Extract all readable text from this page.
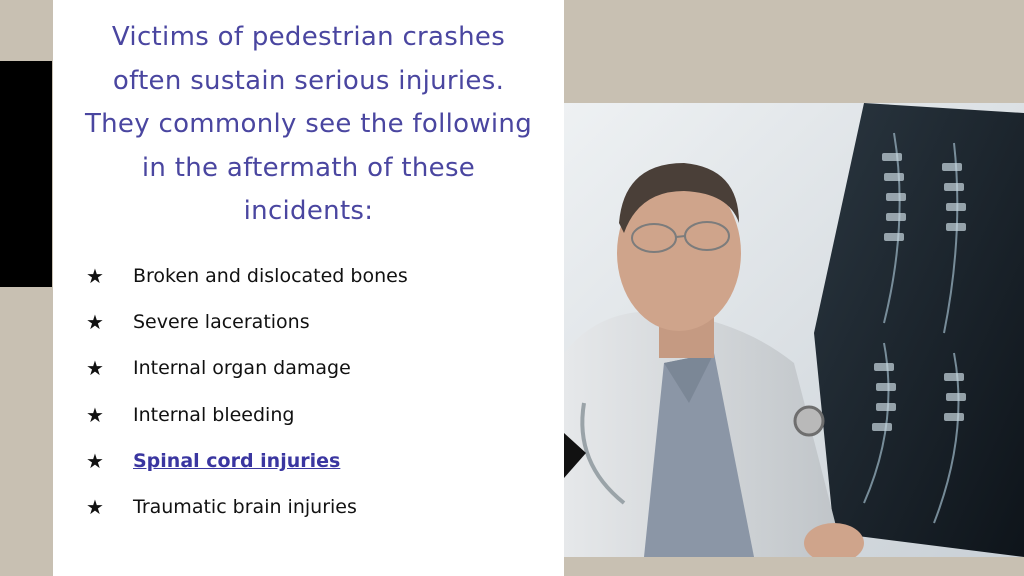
Victims of pedestrian crashes
often sustain serious injuries.
They commonly see the following
in the aftermath of these
incidents:
★	Broken and dislocated bones
★	Severe lacerations
★	Internal organ damage
★	Internal bleeding
★	Spinal cord injuries
★	Traumatic brain injuries
